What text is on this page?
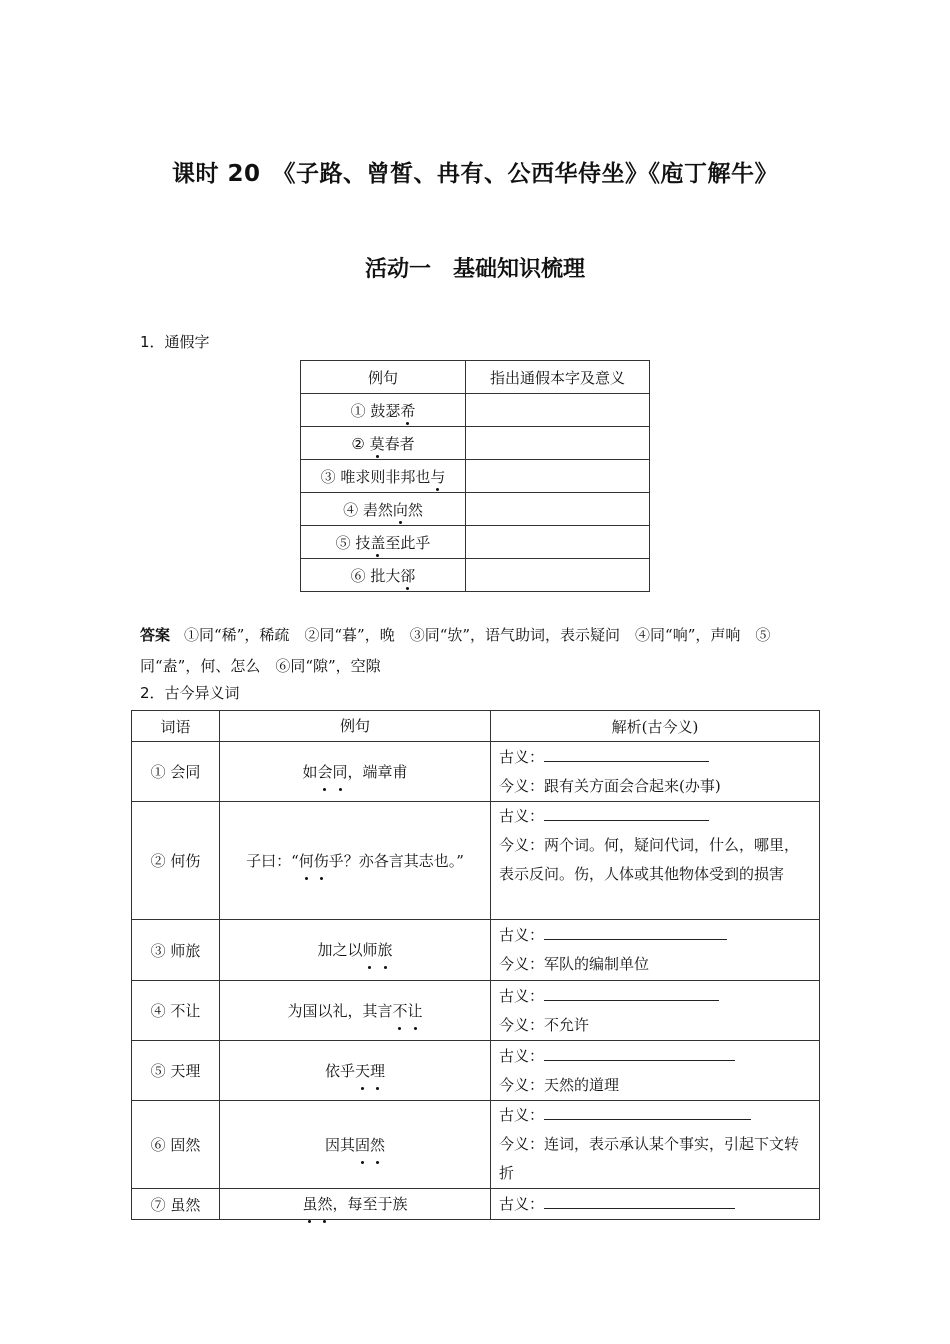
课时 20　《子路、曾皙、冉有、公西华侍坐》《庖丁解牛》
活动一　基础知识梳理
1．通假字
例句	指出通假本字及意义
① 鼓瑟希	
② 莫春者	
③ 唯求则非邦也与	
④ 砉然向然	
⑤ 技盖至此乎	
⑥ 批大郤	
答案 ①同“稀”，稀疏　②同“暮”，晚　③同“欤”，语气助词，表示疑问　④同“响”，声响　⑤同“盍”，何、怎么　⑥同“隙”，空隙
2．古今异义词
词语	例句	解析(古今义)
① 会同	如会同，端章甫	古义：
今义：跟有关方面会合起来(办事)

② 何伤	子曰：“何伤乎？亦各言其志也。”	古义：
今义：两个词。何，疑问代词，什么，哪里，表示反问。伤，人体或其他物体受到的损害

③ 师旅	加之以师旅	古义：
今义：军队的编制单位

④ 不让	为国以礼，其言不让	古义：
今义：不允许

⑤ 天理	依乎天理	古义：
今义：天然的道理

⑥ 固然	因其固然	古义：
今义：连词，表示承认某个事实，引起下文转折

⑦ 虽然	虽然，每至于族	古义：
